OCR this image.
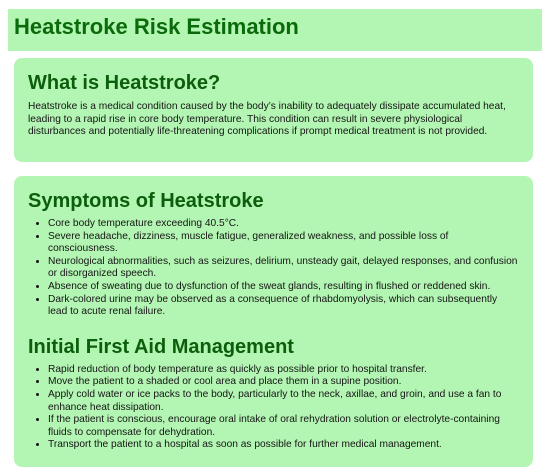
Heatstroke Risk Estimation
What is Heatstroke?

Heatstroke is a medical condition caused by the body’s inability to adequately dissipate accumulated heat, leading to a rapid rise in core body temperature. This condition can result in severe physiological disturbances and potentially life-threatening complications if prompt medical treatment is not provided.

Symptoms of Heatstroke
• Core body temperature exceeding 40.5°C.
• Severe headache, dizziness, muscle fatigue, generalized weakness, and possible loss of consciousness.
• Neurological abnormalities, such as seizures, delirium, unsteady gait, delayed responses, and confusion or disorganized speech.
• Absence of sweating due to dysfunction of the sweat glands, resulting in flushed or reddened skin.
• Dark-colored urine may be observed as a consequence of rhabdomyolysis, which can subsequently lead to acute renal failure.
Initial First Aid Management
• Rapid reduction of body temperature as quickly as possible prior to hospital transfer.
• Move the patient to a shaded or cool area and place them in a supine position.
• Apply cold water or ice packs to the body, particularly to the neck, axillae, and groin, and use a fan to enhance heat dissipation.
• If the patient is conscious, encourage oral intake of oral rehydration solution or electrolyte-containing fluids to compensate for dehydration.
• Transport the patient to a hospital as soon as possible for further medical management.
